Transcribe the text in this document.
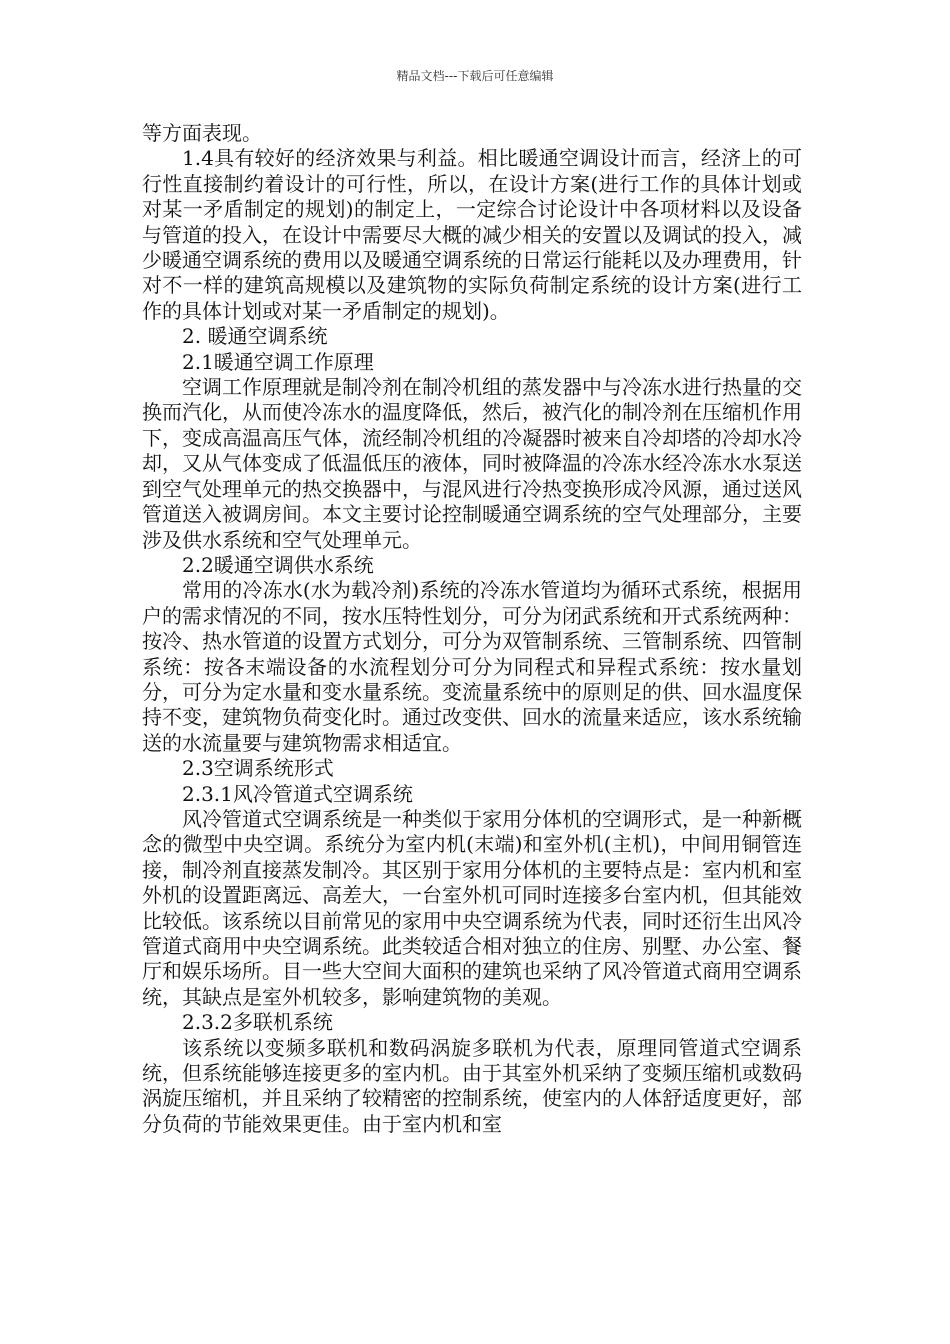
精品文档---下载后可任意编辑

等方面表现。

1.4具有较好的经济效果与利益。相比暖通空调设计而言，经济上的可行性直接制约着设计的可行性，所以，在设计方案(进行工作的具体计划或对某一矛盾制定的规划)的制定上，一定综合讨论设计中各项材料以及设备与管道的投入，在设计中需要尽大概的减少相关的安置以及调试的投入，减少暖通空调系统的费用以及暖通空调系统的日常运行能耗以及办理费用，针对不一样的建筑高规模以及建筑物的实际负荷制定系统的设计方案(进行工作的具体计划或对某一矛盾制定的规划)。

2. 暖通空调系统

2.1暖通空调工作原理

空调工作原理就是制冷剂在制冷机组的蒸发器中与冷冻水进行热量的交换而汽化，从而使冷冻水的温度降低，然后，被汽化的制冷剂在压缩机作用下，变成高温高压气体，流经制冷机组的冷凝器时被来自冷却塔的冷却水冷却，又从气体变成了低温低压的液体，同时被降温的冷冻水经冷冻水水泵送到空气处理单元的热交换器中，与混风进行冷热变换形成冷风源，通过送风管道送入被调房间。本文主要讨论控制暖通空调系统的空气处理部分，主要涉及供水系统和空气处理单元。

2.2暖通空调供水系统

常用的冷冻水(水为载冷剂)系统的冷冻水管道均为循环式系统，根据用户的需求情况的不同，按水压特性划分，可分为闭武系统和开式系统两种：按冷、热水管道的设置方式划分，可分为双管制系统、三管制系统、四管制系统：按各末端设备的水流程划分可分为同程式和异程式系统：按水量划分，可分为定水量和变水量系统。变流量系统中的原则足的供、回水温度保持不变，建筑物负荷变化时。通过改变供、回水的流量来适应，该水系统输送的水流量要与建筑物需求相适宜。

2.3空调系统形式

2.3.1风冷管道式空调系统

风冷管道式空调系统是一种类似于家用分体机的空调形式，是一种新概念的微型中央空调。系统分为室内机(末端)和室外机(主机)，中间用铜管连接，制冷剂直接蒸发制冷。其区别于家用分体机的主要特点是：室内机和室外机的设置距离远、高差大，一台室外机可同时连接多台室内机，但其能效比较低。该系统以目前常见的家用中央空调系统为代表，同时还衍生出风冷管道式商用中央空调系统。此类较适合相对独立的住房、别墅、办公室、餐厅和娱乐场所。目一些大空间大面积的建筑也采纳了风冷管道式商用空调系统，其缺点是室外机较多，影响建筑物的美观。

2.3.2多联机系统

该系统以变频多联机和数码涡旋多联机为代表，原理同管道式空调系统，但系统能够连接更多的室内机。由于其室外机采纳了变频压缩机或数码涡旋压缩机，并且采纳了较精密的控制系统，使室内的人体舒适度更好，部分负荷的节能效果更佳。由于室内机和室
